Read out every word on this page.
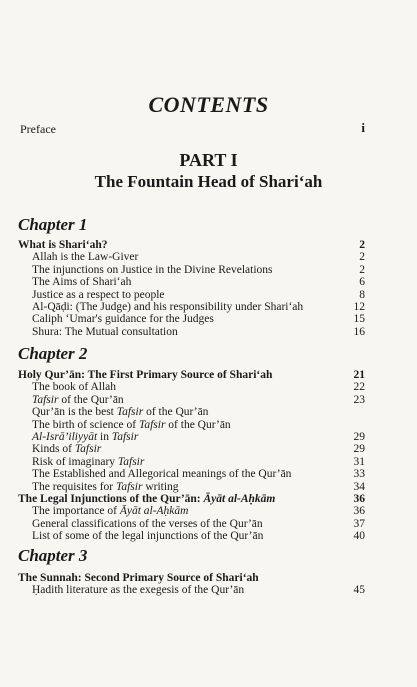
CONTENTS
Preface	i
PART I
The Fountain Head of Shari‘ah
Chapter 1
What is Shari‘ah?	2
Allah is the Law-Giver	2
The injunctions on Justice in the Divine Revelations	2
The Aims of Shari‘ah	6
Justice as a respect to people	8
Al-Qāḍi: (The Judge) and his responsibility under Shari‘ah	12
Caliph ‘Umar's guidance for the Judges	15
Shura: The Mutual consultation	16
Chapter 2
Holy Qur’ān: The First Primary Source of Shari‘ah	21
The book of Allah	22
Tafsir of the Qur’ān	23
Qur’ān is the best Tafsir of the Qur’ān
The birth of science of Tafsir of the Qur’ān
Al-Isrā’iliyyāt in Tafsir	29
Kinds of Tafsir	29
Risk of imaginary Tafsir	31
The Established and Allegorical meanings of the Qur’ān	33
The requisites for Tafsir writing	34
The Legal Injunctions of the Qur’ān: Āyāt al-Aḥkām	36
The importance of Āyāt al-Aḥkām	36
General classifications of the verses of the Qur’ān	37
List of some of the legal injunctions of the Qur’ān	40
Chapter 3
The Sunnah: Second Primary Source of Shari‘ah
Ḥadith literature as the exegesis of the Qur’ān	45
